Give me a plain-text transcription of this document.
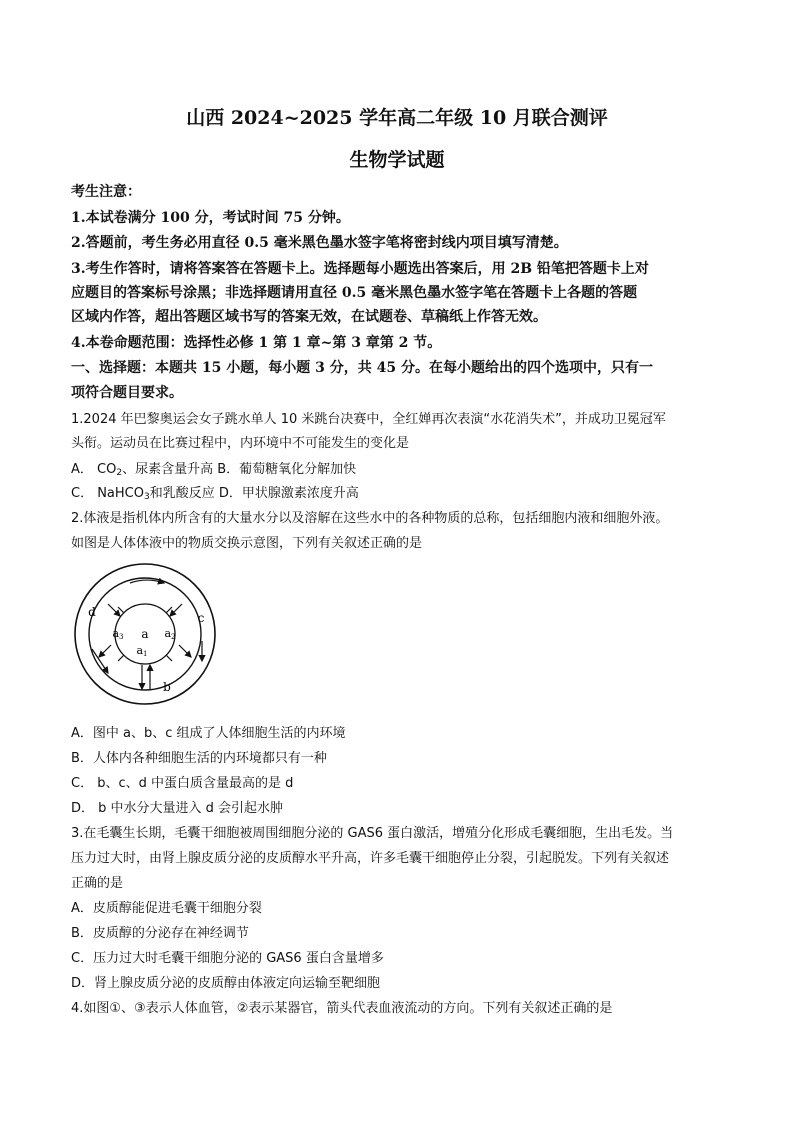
山西 2024~2025 学年高二年级 10 月联合测评
生物学试题
考生注意：
1.本试卷满分 100 分，考试时间 75 分钟。
2.答题前，考生务必用直径 0.5 毫米黑色墨水签字笔将密封线内项目填写清楚。
3.考生作答时，请将答案答在答题卡上。选择题每小题选出答案后，用 2B 铅笔把答题卡上对
应题目的答案标号涂黑；非选择题请用直径 0.5 毫米黑色墨水签字笔在答题卡上各题的答题
区域内作答，超出答题区域书写的答案无效，在试题卷、草稿纸上作答无效。
4.本卷命题范围：选择性必修 1 第 1 章~第 3 章第 2 节。
一、选择题：本题共 15 小题，每小题 3 分，共 45 分。在每小题给出的四个选项中，只有一
项符合题目要求。
1.2024 年巴黎奥运会女子跳水单人 10 米跳台决赛中，全红婵再次表演“水花消失术”，并成功卫冕冠军
头衔。运动员在比赛过程中，内环境中不可能发生的变化是
A． $CO_2$、尿素含量升高 B．葡萄糖氧化分解加快
C． NaHCO$_3$和乳酸反应 D．甲状腺激素浓度升高
2.体液是指机体内所含有的大量水分以及溶解在这些水中的各种物质的总称，包括细胞内液和细胞外液。
如图是人体体液中的物质交换示意图，下列有关叙述正确的是
a
a1
a2
a3
b
c
d
A．图中 a、b、c 组成了人体细胞生活的内环境
B．人体内各种细胞生活的内环境都只有一种
C． b、c、d 中蛋白质含量最高的是 d
D． b 中水分大量进入 d 会引起水肿
3.在毛囊生长期，毛囊干细胞被周围细胞分泌的 GAS6 蛋白激活，增殖分化形成毛囊细胞，生出毛发。当
压力过大时，由肾上腺皮质分泌的皮质醇水平升高，许多毛囊干细胞停止分裂，引起脱发。下列有关叙述
正确的是
A．皮质醇能促进毛囊干细胞分裂
B．皮质醇的分泌存在神经调节
C．压力过大时毛囊干细胞分泌的 GAS6 蛋白含量增多
D．肾上腺皮质分泌的皮质醇由体液定向运输至靶细胞
4.如图①、③表示人体血管，②表示某器官，箭头代表血液流动的方向。下列有关叙述正确的是
